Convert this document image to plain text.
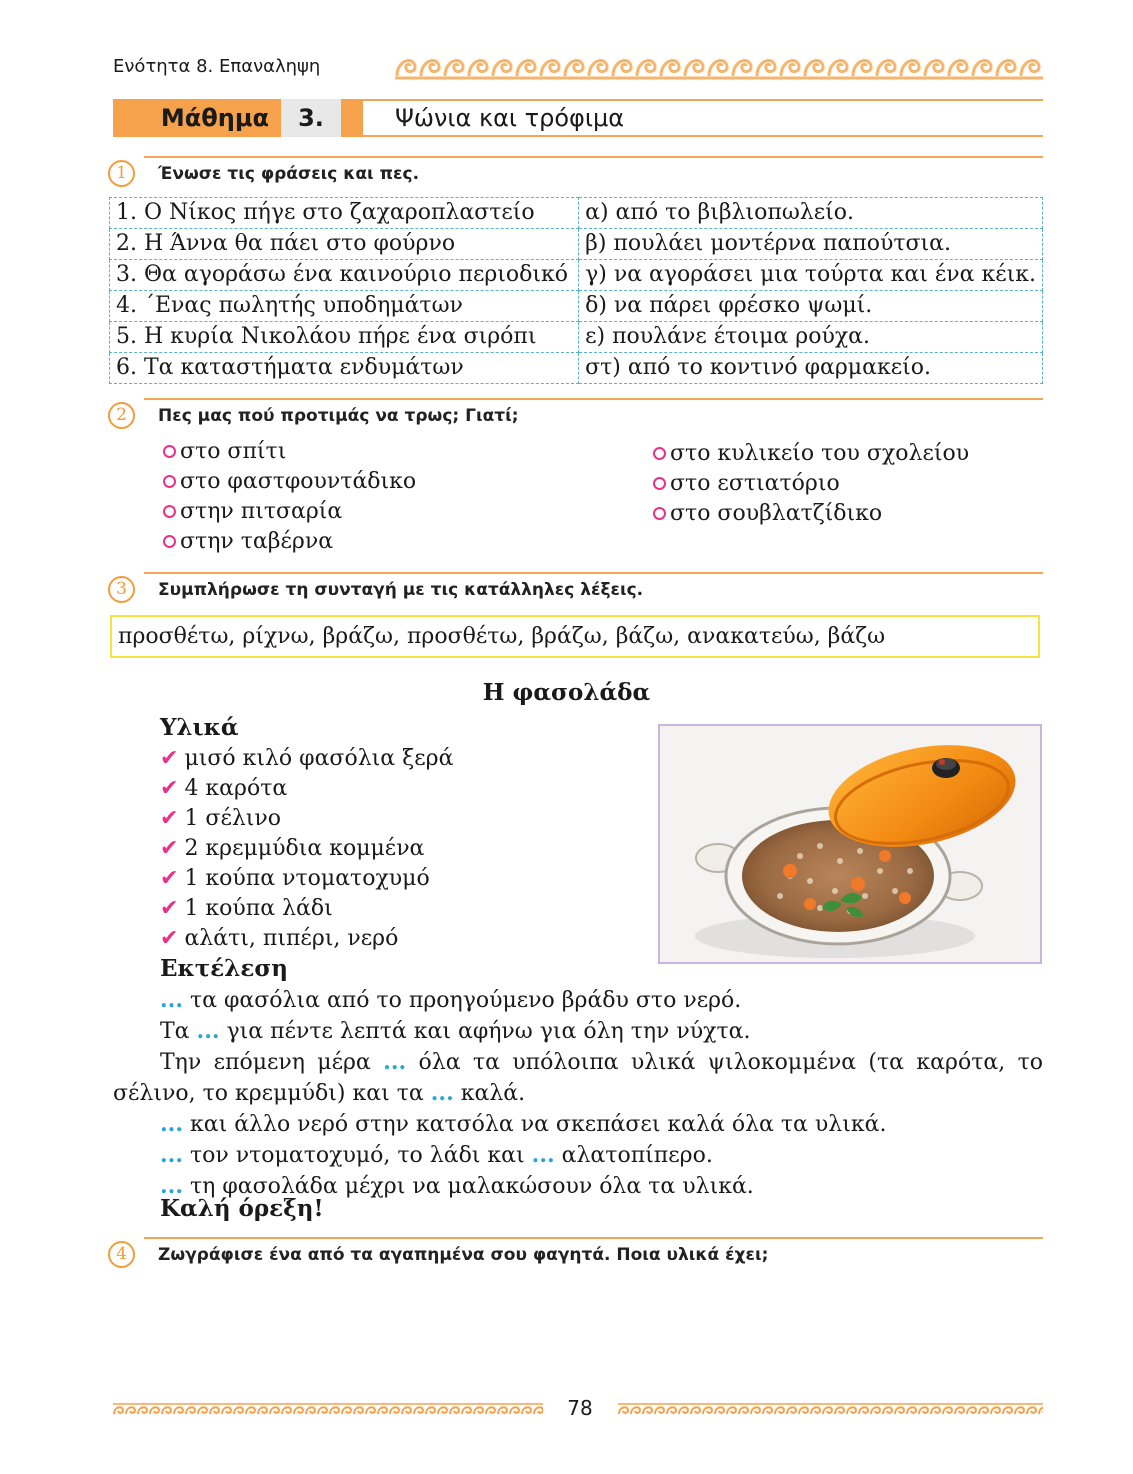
Ενότητα 8. Επαναληψη
Μάθημα	3.	Ψώνια και τρόφιμα
1	Ένωσε τις φράσεις και πες.
1. Ο Νίκος πήγε στο ζαχαροπλαστείο	α) από το βιβλιοπωλείο.
2. Η Άννα θα πάει στο φούρνο	β) πουλάει μοντέρνα παπούτσια.
3. Θα αγοράσω ένα καινούριο περιοδικό	γ) να αγοράσει μια τούρτα και ένα κέικ.
4. ΄Ενας πωλητής υποδημάτων	δ) να πάρει φρέσκο ψωμί.
5. Η κυρία Νικολάου πήρε ένα σιρόπι	ε) πουλάνε έτοιμα ρούχα.
6. Τα καταστήματα ενδυμάτων	στ) από το κοντινό φαρμακείο.
2	Πες μας πού προτιμάς να τρως; Γιατί;
στο σπίτι
στο φαστφουντάδικο
στην πιτσαρία
στην ταβέρνα
στο κυλικείο του σχολείου
στο εστιατόριο
στο σουβλατζίδικο
3	Συμπλήρωσε τη συνταγή με τις κατάλληλες λέξεις.
προσθέτω, ρίχνω, βράζω, προσθέτω, βράζω, βάζω, ανακατεύω, βάζω
Η φασολάδα
Υλικά
✔ μισό κιλό φασόλια ξερά
✔ 4 καρότα
✔ 1 σέλινο
✔ 2 κρεμμύδια κομμένα
✔ 1 κούπα ντοματοχυμό
✔ 1 κούπα λάδι
✔ αλάτι, πιπέρι, νερό
Εκτέλεση

... τα φασόλια από το προηγούμενο βράδυ στο νερό.

Τα ... για πέντε λεπτά και αφήνω για όλη την νύχτα.

Την επόμενη μέρα ... όλα τα υπόλοιπα υλικά ψιλοκομμένα (τα καρότα, το σέλινο, το κρεμμύδι) και τα ... καλά.

... και άλλο νερό στην κατσόλα να σκεπάσει καλά όλα τα υλικά.

... τον ντοματοχυμό, το λάδι και ... αλατοπίπερο.

... τη φασολάδα μέχρι να μαλακώσουν όλα τα υλικά.

Καλή όρεξη!
4	Ζωγράφισε ένα από τα αγαπημένα σου φαγητά. Ποια υλικά έχει;
78
